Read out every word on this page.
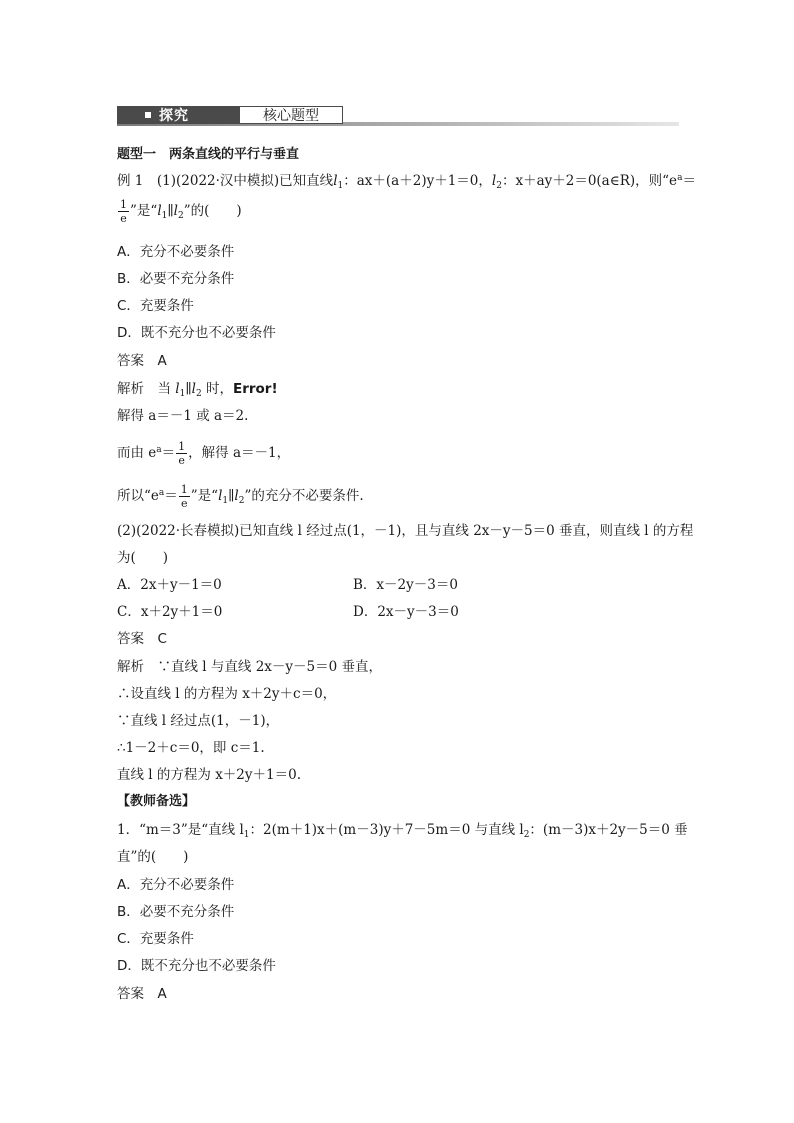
探究	核心题型
题型一　两条直线的平行与垂直
例 1　(1)(2022·汉中模拟)已知直线$l_1$：ax＋(a＋2)y＋1＝0，$l_2$：x＋ay＋2＝0(a∈R)，则“$e^a=$
$\frac{1}{e}$ ”是“$l_1\parallel l_2$”的(　　)
A．充分不必要条件
B．必要不充分条件
C．充要条件
D．既不充分也不必要条件
答案　A
解析　当 $l_1\parallel l_2$ 时，Error!
解得 a＝－1 或 a＝2.
而由 $e^a= \frac{1}{e}$ ，解得 a＝－1，
所以“$e^a= \frac{1}{e}$ ”是“$l_1\parallel l_2$”的充分不必要条件.
(2)(2022·长春模拟)已知直线 l 经过点(1，－1)，且与直线 2x－y－5＝0 垂直，则直线 l 的方程
为(　　)
A．2x＋y－1＝0	B．x－2y－3＝0
C．x＋2y＋1＝0	D．2x－y－3＝0
答案　C
解析　∵直线 l 与直线 2x－y－5＝0 垂直，
∴设直线 l 的方程为 x＋2y＋c＝0，
∵直线 l 经过点(1，－1)，
∴1－2＋c＝0，即 c＝1.
直线 l 的方程为 x＋2y＋1＝0.
【教师备选】
1．“m＝3”是“直线 $l_1$：2(m＋1)x＋(m－3)y＋7－5m＝0 与直线 $l_2$：(m－3)x＋2y－5＝0 垂
直”的(　　)
A．充分不必要条件
B．必要不充分条件
C．充要条件
D．既不充分也不必要条件
答案　A
